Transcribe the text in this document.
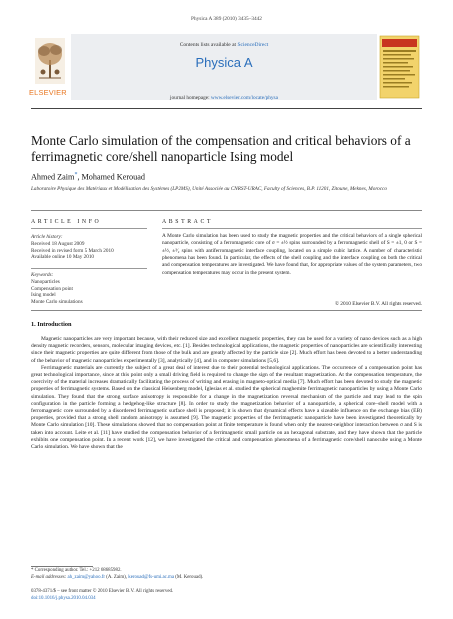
Physica A 389 (2010) 3435–3442
ELSEVIER
Contents lists available at ScienceDirect
Physica A
journal homepage: www.elsevier.com/locate/physa
Monte Carlo simulation of the compensation and critical behaviors of a ferrimagnetic core/shell nanoparticle Ising model
Ahmed Zaim*, Mohamed Kerouad
Laboratoire Physique des Matériaux et Modélisation des Systèmes (LP2MS), Unité Associée au CNRST-URAC, Faculty of Sciences, B.P. 11201, Zitoune, Meknes, Morocco
ARTICLE INFO	ABSTRACT
Article history:
Received 18 August 2009
Received in revised form 5 March 2010
Available online 10 May 2010
Keywords:
Nanoparticles
Compensation point
Ising model
Monte Carlo simulations
A Monte Carlo simulation has been used to study the magnetic properties and the critical behaviors of a single spherical nanoparticle, consisting of a ferromagnetic core of σ = ±½ spins surrounded by a ferromagnetic shell of S = ±1, 0 or S = ±½, ±³⁄₂ spins with antiferromagnetic interface coupling, located on a simple cubic lattice. A number of characteristic phenomena has been found. In particular, the effects of the shell coupling and the interface coupling on both the critical and compensation temperatures are investigated. We have found that, for appropriate values of the system parameters, two compensation temperatures may occur in the present system.
© 2010 Elsevier B.V. All rights reserved.
1. Introduction

Magnetic nanoparticles are very important because, with their reduced size and excellent magnetic properties, they can be used for a variety of nano devices such as a high density magnetic recorders, sensors, molecular imaging devices, etc. [1]. Besides technological applications, the magnetic properties of nanoparticles are scientifically interesting since their magnetic properties are quite different from those of the bulk and are greatly affected by the particle size [2]. Much effort has been devoted to a better understanding of the behavior of magnetic nanoparticles experimentally [3], analytically [4], and in computer simulations [5,6].

Ferrimagnetic materials are currently the subject of a great deal of interest due to their potential technological applications. The occurrence of a compensation point has great technological importance, since at this point only a small driving field is required to change the sign of the resultant magnetization. At the compensation temperature, the coercivity of the material increases dramatically facilitating the process of writing and erasing in magneto-optical media [7]. Much effort has been devoted to study the magnetic properties of ferrimagnetic systems. Based on the classical Heisenberg model, Iglesias et al. studied the spherical maghemite ferrimagnetic nanoparticles by using a Monte Carlo simulation. They found that the strong surface anisotropy is responsible for a change in the magnetization reversal mechanism of the particle and may lead to the spin configuration in the particle forming a hedgehog-like structure [8]. In order to study the magnetization behavior of a nanoparticle, a spherical core–shell model with a ferromagnetic core surrounded by a disordered ferrimagnetic surface shell is proposed; it is shown that dynamical effects have a sizeable influence on the exchange bias (EB) properties, provided that a strong shell random anisotropy is assumed [9]. The magnetic properties of the ferrimagnetic nanoparticle have been investigated theoretically by Monte Carlo simulation [10]. These simulations showed that no compensation point at finite temperature is found when only the nearest-neighbor interaction between σ and S is taken into account. Leite et al. [11] have studied the compensation behavior of a ferrimagnetic small particle on an hexagonal substrate, and they have shown that the particle exhibits one compensation point. In a recent work [12], we have investigated the critical and compensation phenomena of a ferrimagnetic core/shell nanocube using a Monte Carlo simulation. We have shown that the

* Corresponding author. Tel.: +212 68685982.
E-mail addresses: ah_zaim@yahoo.fr (A. Zaim), kerouad@fs-umi.ac.ma (M. Kerouad).
0378-4371/$ – see front matter © 2010 Elsevier B.V. All rights reserved.
doi:10.1016/j.physa.2010.04.034
